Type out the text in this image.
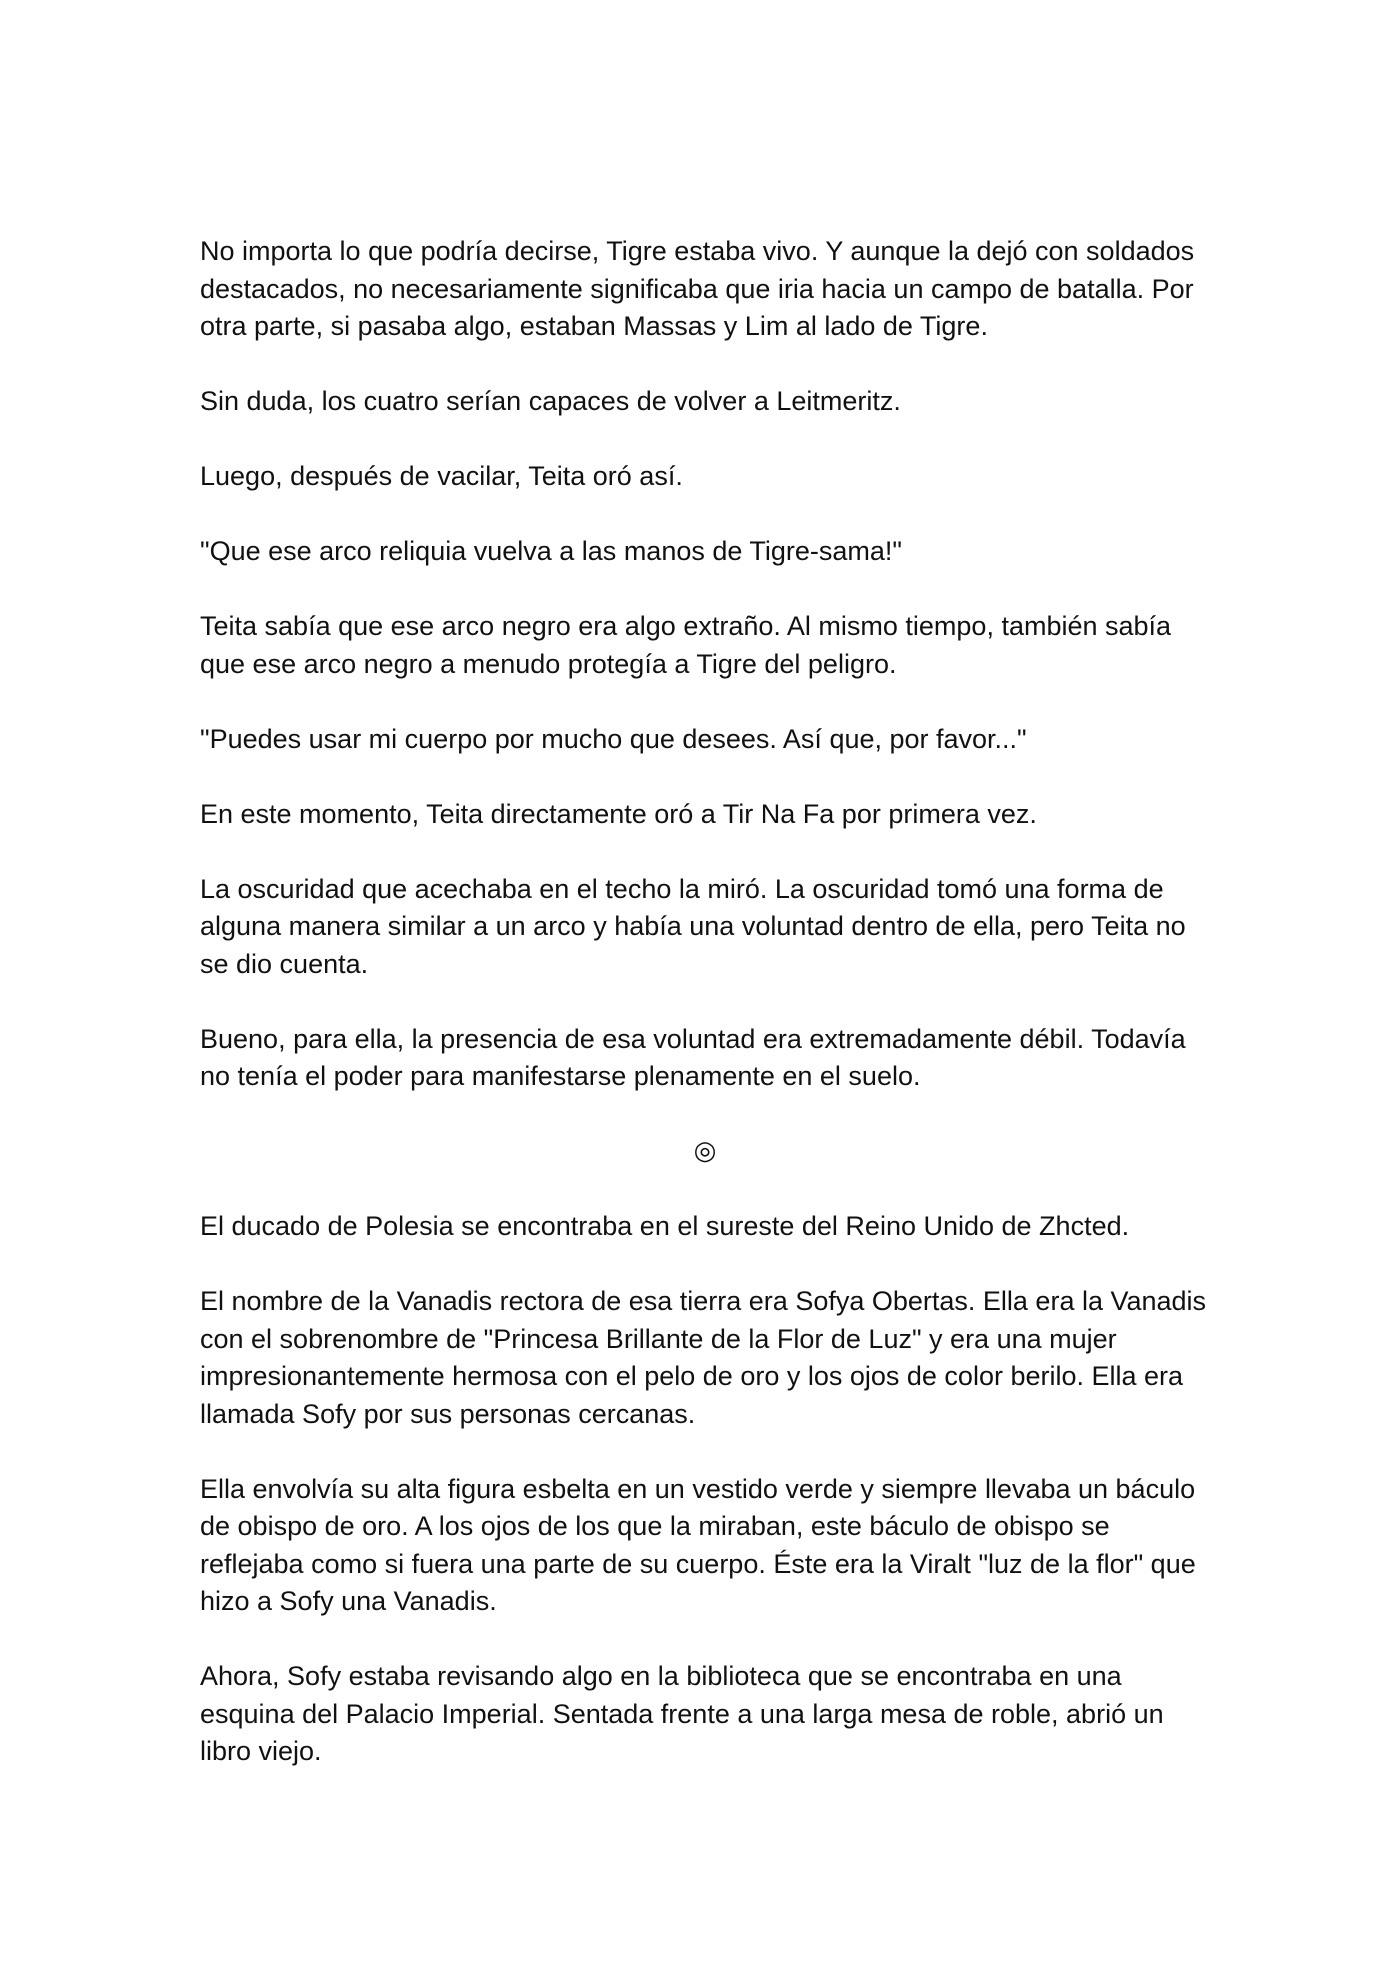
No importa lo que podría decirse, Tigre estaba vivo. Y aunque la dejó con soldados destacados, no necesariamente significaba que iria hacia un campo de batalla. Por otra parte, si pasaba algo, estaban Massas y Lim al lado de Tigre.

Sin duda, los cuatro serían capaces de volver a Leitmeritz.

Luego, después de vacilar, Teita oró así.

"Que ese arco reliquia vuelva a las manos de Tigre-sama!"

Teita sabía que ese arco negro era algo extraño. Al mismo tiempo, también sabía que ese arco negro a menudo protegía a Tigre del peligro.

"Puedes usar mi cuerpo por mucho que desees. Así que, por favor..."

En este momento, Teita directamente oró a Tir Na Fa por primera vez.

La oscuridad que acechaba en el techo la miró. La oscuridad tomó una forma de alguna manera similar a un arco y había una voluntad dentro de ella, pero Teita no se dio cuenta.

Bueno, para ella, la presencia de esa voluntad era extremadamente débil. Todavía no tenía el poder para manifestarse plenamente en el suelo.

◎

El ducado de Polesia se encontraba en el sureste del Reino Unido de Zhcted.

El nombre de la Vanadis rectora de esa tierra era Sofya Obertas. Ella era la Vanadis con el sobrenombre de "Princesa Brillante de la Flor de Luz" y era una mujer impresionantemente hermosa con el pelo de oro y los ojos de color berilo. Ella era llamada Sofy por sus personas cercanas.

Ella envolvía su alta figura esbelta en un vestido verde y siempre llevaba un báculo de obispo de oro. A los ojos de los que la miraban, este báculo de obispo se reflejaba como si fuera una parte de su cuerpo. Éste era la Viralt "luz de la flor" que hizo a Sofy una Vanadis.

Ahora, Sofy estaba revisando algo en la biblioteca que se encontraba en una esquina del Palacio Imperial. Sentada frente a una larga mesa de roble, abrió un libro viejo.
